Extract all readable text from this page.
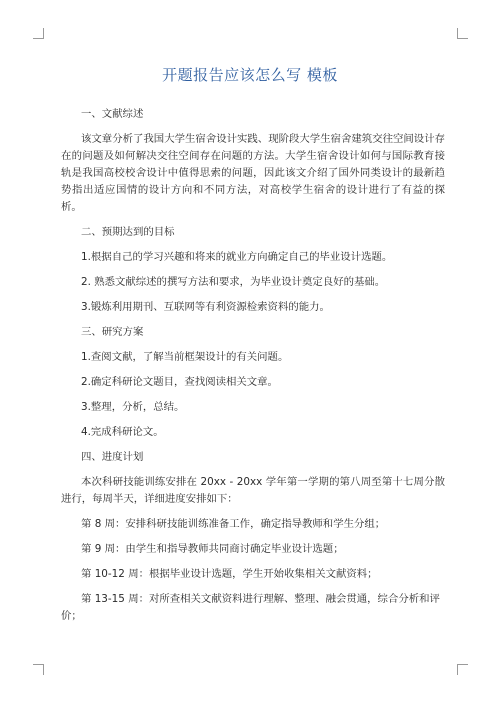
开题报告应该怎么写 模板

一、文献综述

该文章分析了我国大学生宿舍设计实践、现阶段大学生宿舍建筑交往空间设计存在的问题及如何解决交往空间存在问题的方法。大学生宿舍设计如何与国际教育接轨是我国高校校舍设计中值得思索的问题，因此该文介绍了国外同类设计的最新趋势指出适应国情的设计方向和不同方法，对高校学生宿舍的设计进行了有益的探析。

二、预期达到的目标

1.根据自己的学习兴趣和将来的就业方向确定自己的毕业设计选题。

2. 熟悉文献综述的撰写方法和要求，为毕业设计奠定良好的基础。

3.锻炼利用期刊、互联网等有利资源检索资料的能力。

三、研究方案

1.查阅文献，了解当前框架设计的有关问题。

2.确定科研论文题目，查找阅读相关文章。

3.整理，分析，总结。

4.完成科研论文。

四、进度计划

本次科研技能训练安排在 20xx - 20xx 学年第一学期的第八周至第十七周分散进行，每周半天，详细进度安排如下：

第 8 周：安排科研技能训练准备工作，确定指导教师和学生分组；

第 9 周：由学生和指导教师共同商讨确定毕业设计选题；

第 10-12 周：根据毕业设计选题，学生开始收集相关文献资料；

第 13-15 周：对所查相关文献资料进行理解、整理、融会贯通，综合分析和评价；
